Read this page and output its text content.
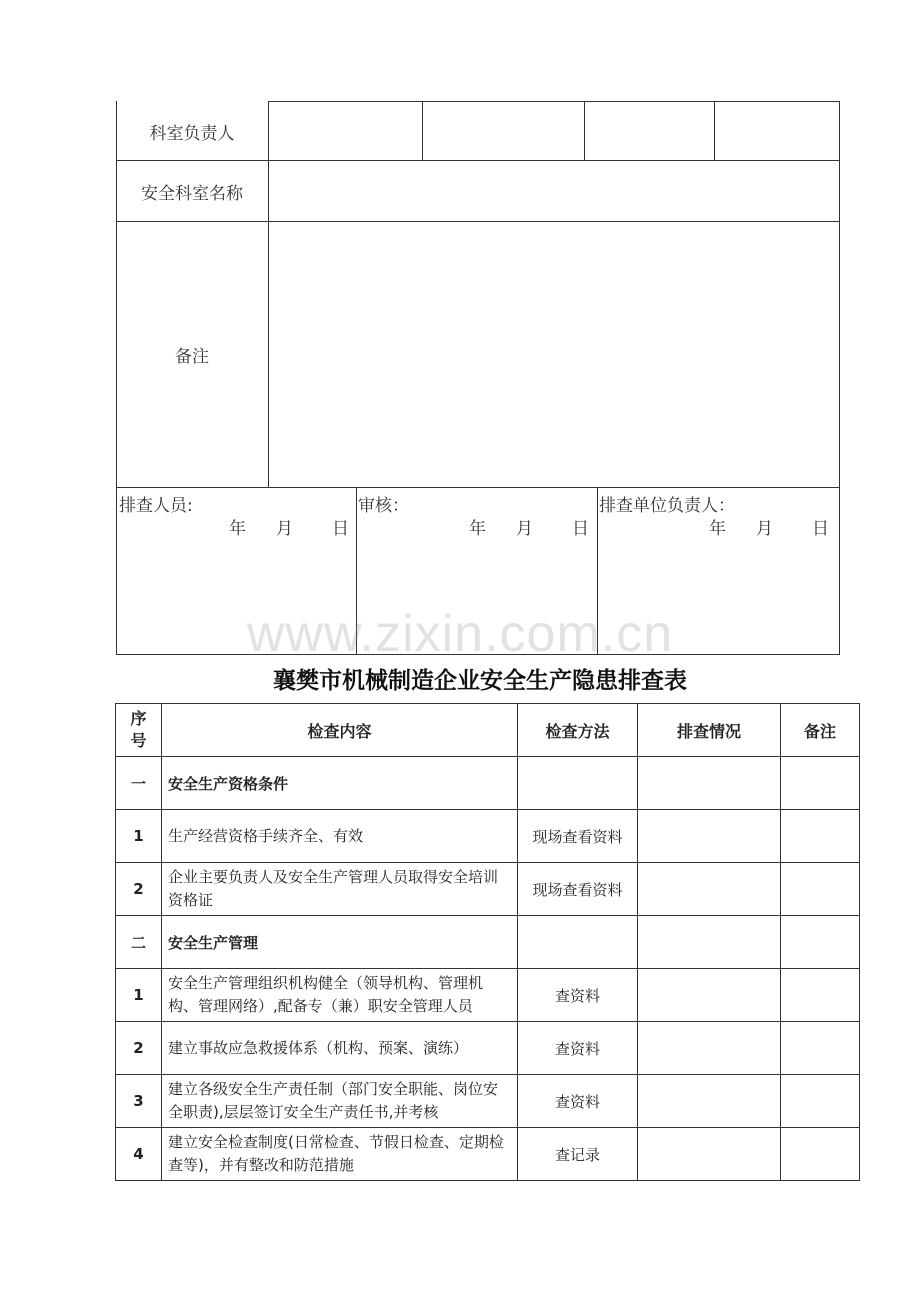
科室负责人
安全科室名称
备注
排查人员:
年	月	日
审核：
年	月	日
排查单位负责人：
年	月	日
www.zixin.com.cn
襄樊市机械制造企业安全生产隐患排查表
序号	检查内容	检查方法	排查情况	备注
一	安全生产资格条件			
1	生产经营资格手续齐全、有效	现场查看资料		
2	企业主要负责人及安全生产管理人员取得安全培训资格证	现场查看资料		
二	安全生产管理			
1	安全生产管理组织机构健全（领导机构、管理机构、管理网络）,配备专（兼）职安全管理人员	查资料		
2	建立事故应急救援体系（机构、预案、演练）	查资料		
3	建立各级安全生产责任制（部门安全职能、岗位安全职责),层层签订安全生产责任书,并考核	查资料		
4	建立安全检查制度(日常检查、节假日检查、定期检查等)，并有整改和防范措施	查记录		
